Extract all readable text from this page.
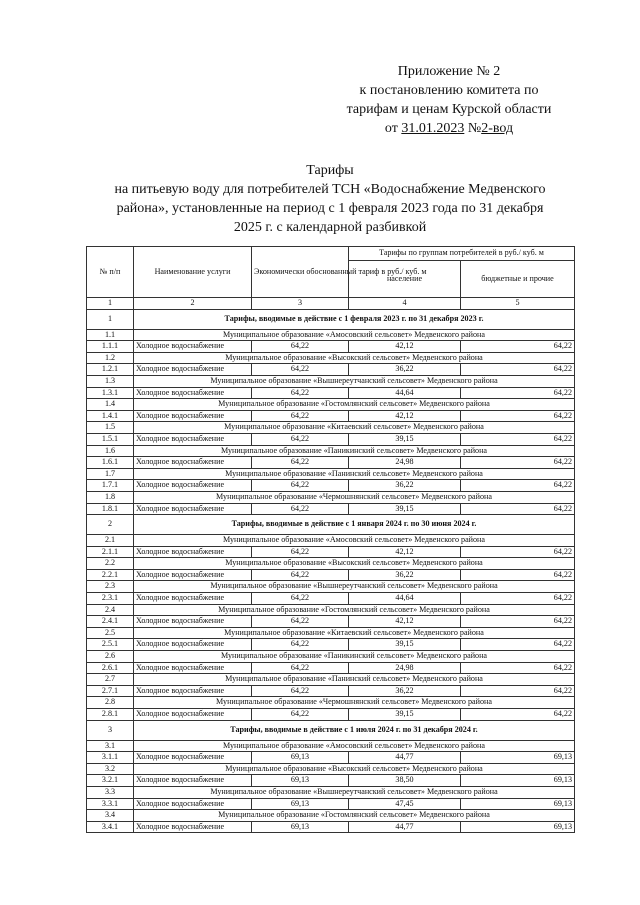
Приложение № 2
к постановлению комитета по
тарифам и ценам Курской области
от 31.01.2023 №2-вод
Тарифы
на питьевую воду для потребителей ТСН «Водоснабжение Медвенского
района», установленные на период с 1 февраля 2023 года по 31 декабря
2025 г. с календарной разбивкой
№ п/п	Наименование услуги	Экономически обоснованный тариф в руб./ куб. м	Тарифы по группам потребителей в руб./ куб. м	
			население	бюджетные и прочие
1	2	3	4	5
1	Тарифы, вводимые в действие с 1 февраля 2023 г. по 31 декабря 2023 г.			
1.1	Муниципальное образование «Амосовский сельсовет» Медвенского района			
1.1.1	Холодное водоснабжение	64,22	42,12	64,22
1.2	Муниципальное образование «Высокский сельсовет» Медвенского района			
1.2.1	Холодное водоснабжение	64,22	36,22	64,22
1.3	Муниципальное образование «Вышнереутчанский сельсовет» Медвенского района			
1.3.1	Холодное водоснабжение	64,22	44,64	64,22
1.4	Муниципальное образование «Гостомлянский сельсовет» Медвенского района			
1.4.1	Холодное водоснабжение	64,22	42,12	64,22
1.5	Муниципальное образование «Китаевский сельсовет» Медвенского района			
1.5.1	Холодное водоснабжение	64,22	39,15	64,22
1.6	Муниципальное образование «Паникинский сельсовет» Медвенского района			
1.6.1	Холодное водоснабжение	64,22	24,98	64,22
1.7	Муниципальное образование «Панинский сельсовет» Медвенского района			
1.7.1	Холодное водоснабжение	64,22	36,22	64,22
1.8	Муниципальное образование «Чермошнянский сельсовет» Медвенского района			
1.8.1	Холодное водоснабжение	64,22	39,15	64,22
2	Тарифы, вводимые в действие с 1 января 2024 г. по 30 июня 2024 г.			
2.1	Муниципальное образование «Амосовский сельсовет» Медвенского района			
2.1.1	Холодное водоснабжение	64,22	42,12	64,22
2.2	Муниципальное образование «Высокский сельсовет» Медвенского района			
2.2.1	Холодное водоснабжение	64,22	36,22	64,22
2.3	Муниципальное образование «Вышнереутчанский сельсовет» Медвенского района			
2.3.1	Холодное водоснабжение	64,22	44,64	64,22
2.4	Муниципальное образование «Гостомлянский сельсовет» Медвенского района			
2.4.1	Холодное водоснабжение	64,22	42,12	64,22
2.5	Муниципальное образование «Китаевский сельсовет» Медвенского района			
2.5.1	Холодное водоснабжение	64,22	39,15	64,22
2.6	Муниципальное образование «Паникинский сельсовет» Медвенского района			
2.6.1	Холодное водоснабжение	64,22	24,98	64,22
2.7	Муниципальное образование «Панинский сельсовет» Медвенского района			
2.7.1	Холодное водоснабжение	64,22	36,22	64,22
2.8	Муниципальное образование «Чермошнянский сельсовет» Медвенского района			
2.8.1	Холодное водоснабжение	64,22	39,15	64,22
3	Тарифы, вводимые в действие с 1 июля 2024 г. по 31 декабря 2024 г.			
3.1	Муниципальное образование «Амосовский сельсовет» Медвенского района			
3.1.1	Холодное водоснабжение	69,13	44,77	69,13
3.2	Муниципальное образование «Высокский сельсовет» Медвенского района			
3.2.1	Холодное водоснабжение	69,13	38,50	69,13
3.3	Муниципальное образование «Вышнереутчанский сельсовет» Медвенского района			
3.3.1	Холодное водоснабжение	69,13	47,45	69,13
3.4	Муниципальное образование «Гостомлянский сельсовет» Медвенского района			
3.4.1	Холодное водоснабжение	69,13	44,77	69,13
